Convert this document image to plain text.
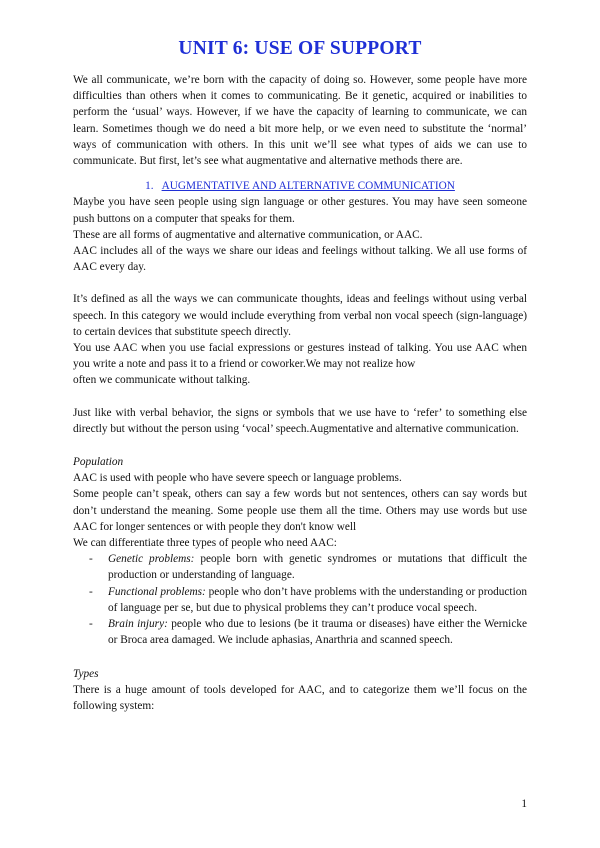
UNIT 6: USE OF SUPPORT

We all communicate, we’re born with the capacity of doing so. However, some people have more difficulties than others when it comes to communicating. Be it genetic, acquired or inabilities to perform the ‘usual’ ways. However, if we have the capacity of learning to communicate, we can learn. Sometimes though we do need a bit more help, or we even need to substitute the ‘normal’ ways of communication with others. In this unit we’ll see what types of aids we can use to communicate. But first, let’s see what augmentative and alternative methods there are.

1. AUGMENTATIVE AND ALTERNATIVE COMMUNICATION

Maybe you have seen people using sign language or other gestures. You may have seen someone push buttons on a computer that speaks for them.

These are all forms of augmentative and alternative communication, or AAC.

AAC includes all of the ways we share our ideas and feelings without talking. We all use forms of AAC every day.

It’s defined as all the ways we can communicate thoughts, ideas and feelings without using verbal speech. In this category we would include everything from verbal non vocal speech (sign-language) to certain devices that substitute speech directly.

You use AAC when you use facial expressions or gestures instead of talking. You use AAC when you write a note and pass it to a friend or coworker.We may not realize how

often we communicate without talking.

Just like with verbal behavior, the signs or symbols that we use have to ‘refer’ to something else directly but without the person using ‘vocal’ speech.Augmentative and alternative communication.

Population

AAC is used with people who have severe speech or language problems.

Some people can’t speak, others can say a few words but not sentences, others can say words but don’t understand the meaning. Some people use them all the time. Others may use words but use AAC for longer sentences or with people they don't know well

We can differentiate three types of people who need AAC:

- Genetic problems: people born with genetic syndromes or mutations that difficult the production or understanding of language.
- Functional problems: people who don’t have problems with the understanding or production of language per se, but due to physical problems they can’t produce vocal speech.
- Brain injury: people who due to lesions (be it trauma or diseases) have either the Wernicke or Broca area damaged. We include aphasias, Anarthria and scanned speech.

Types

There is a huge amount of tools developed for AAC, and to categorize them we’ll focus on the following system:

1
